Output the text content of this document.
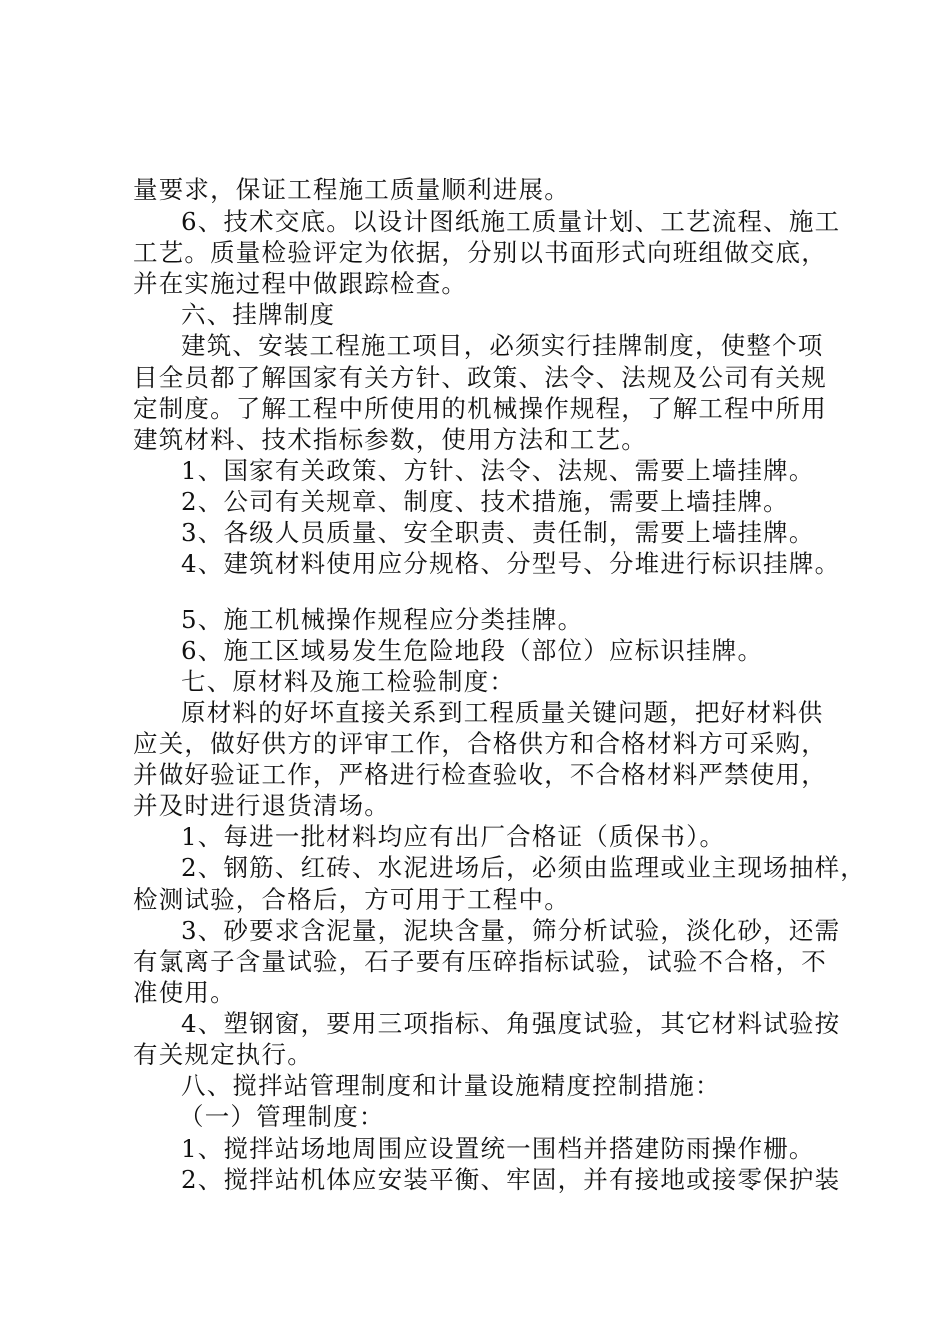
量要求，保证工程施工质量顺利进展。
6、技术交底。以设计图纸施工质量计划、工艺流程、施工
工艺。质量检验评定为依据，分别以书面形式向班组做交底，
并在实施过程中做跟踪检查。
六、挂牌制度
建筑、安装工程施工项目，必须实行挂牌制度，使整个项
目全员都了解国家有关方针、政策、法令、法规及公司有关规
定制度。了解工程中所使用的机械操作规程，了解工程中所用
建筑材料、技术指标参数，使用方法和工艺。
1、国家有关政策、方针、法令、法规、需要上墙挂牌。
2、公司有关规章、制度、技术措施，需要上墙挂牌。
3、各级人员质量、安全职责、责任制，需要上墙挂牌。
4、建筑材料使用应分规格、分型号、分堆进行标识挂牌。
5、施工机械操作规程应分类挂牌。
6、施工区域易发生危险地段（部位）应标识挂牌。
七、原材料及施工检验制度：
原材料的好坏直接关系到工程质量关键问题，把好材料供
应关，做好供方的评审工作，合格供方和合格材料方可采购，
并做好验证工作，严格进行检查验收，不合格材料严禁使用，
并及时进行退货清场。
1、每进一批材料均应有出厂合格证（质保书）。
2、钢筋、红砖、水泥进场后，必须由监理或业主现场抽样，
检测试验，合格后，方可用于工程中。
3、砂要求含泥量，泥块含量，筛分析试验，淡化砂，还需
有氯离子含量试验，石子要有压碎指标试验，试验不合格，不
准使用。
4、塑钢窗，要用三项指标、角强度试验，其它材料试验按
有关规定执行。
八、搅拌站管理制度和计量设施精度控制措施：
（一）管理制度：
1、搅拌站场地周围应设置统一围档并搭建防雨操作栅。
2、搅拌站机体应安装平衡、牢固，并有接地或接零保护装
